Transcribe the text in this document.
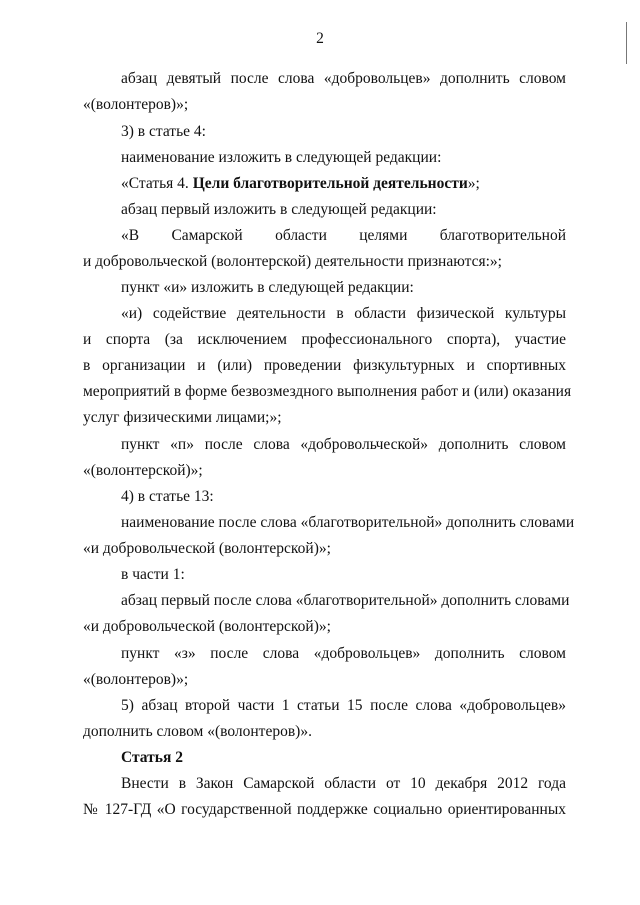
2
абзац девятый после слова «добровольцев» дополнить словом
«(волонтеров)»;
3) в статье 4:
наименование изложить в следующей редакции:
«Статья 4. Цели благотворительной деятельности»;
абзац первый изложить в следующей редакции:
«В Самарской области целями благотворительной
и добровольческой (волонтерской) деятельности признаются:»;
пункт «и» изложить в следующей редакции:
«и) содействие деятельности в области физической культуры
и спорта (за исключением профессионального спорта), участие
в организации и (или) проведении физкультурных и спортивных
мероприятий в форме безвозмездного выполнения работ и (или) оказания
услуг физическими лицами;»;
пункт «п» после слова «добровольческой» дополнить словом
«(волонтерской)»;
4) в статье 13:
наименование после слова «благотворительной» дополнить словами
«и добровольческой (волонтерской)»;
в части 1:
абзац первый после слова «благотворительной» дополнить словами
«и добровольческой (волонтерской)»;
пункт «з» после слова «добровольцев» дополнить словом
«(волонтеров)»;
5) абзац второй части 1 статьи 15 после слова «добровольцев»
дополнить словом «(волонтеров)».
Статья 2
Внести в Закон Самарской области от 10 декабря 2012 года
№ 127-ГД «О государственной поддержке социально ориентированных
